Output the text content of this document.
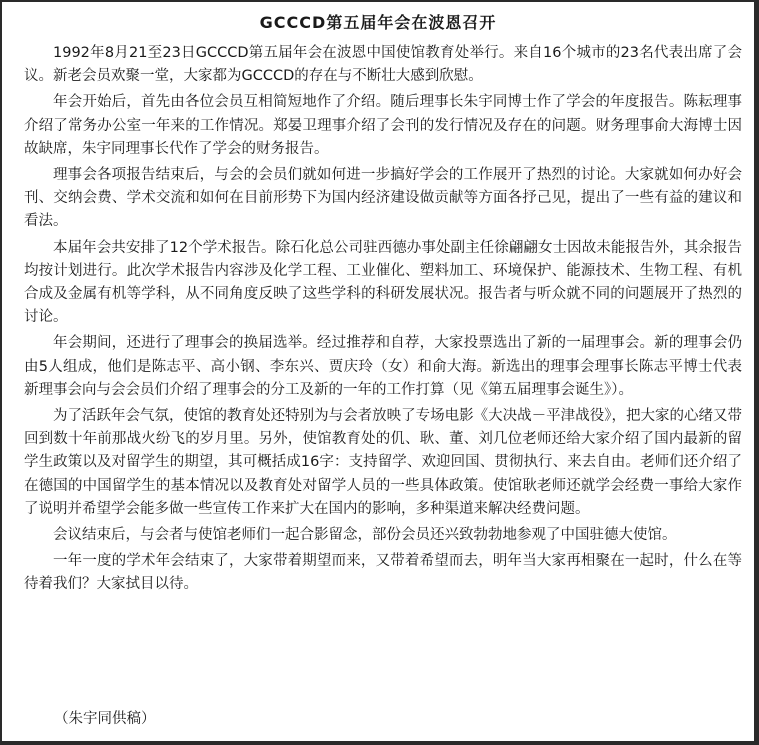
GCCCD第五届年会在波恩召开

1992年8月21至23日GCCCD第五届年会在波恩中国使馆教育处举行。来自16个城市的23名代表出席了会议。新老会员欢聚一堂，大家都为GCCCD的存在与不断壮大感到欣慰。

年会开始后，首先由各位会员互相简短地作了介绍。随后理事长朱宇同博士作了学会的年度报告。陈耘理事介绍了常务办公室一年来的工作情况。郑晏卫理事介绍了会刊的发行情况及存在的问题。财务理事俞大海博士因故缺席，朱宇同理事长代作了学会的财务报告。

理事会各项报告结束后，与会的会员们就如何进一步搞好学会的工作展开了热烈的讨论。大家就如何办好会刊、交纳会费、学术交流和如何在目前形势下为国内经济建设做贡献等方面各抒己见，提出了一些有益的建议和看法。

本届年会共安排了12个学术报告。除石化总公司驻西德办事处副主任徐翩翩女士因故未能报告外，其余报告均按计划进行。此次学术报告内容涉及化学工程、工业催化、塑料加工、环境保护、能源技术、生物工程、有机合成及金属有机等学科，从不同角度反映了这些学科的科研发展状况。报告者与听众就不同的问题展开了热烈的讨论。

年会期间，还进行了理事会的换届选举。经过推荐和自荐，大家投票选出了新的一届理事会。新的理事会仍由5人组成，他们是陈志平、高小钢、李东兴、贾庆玲（女）和俞大海。新选出的理事会理事长陈志平博士代表新理事会向与会会员们介绍了理事会的分工及新的一年的工作打算（见《第五届理事会诞生》）。

为了活跃年会气氛，使馆的教育处还特别为与会者放映了专场电影《大决战－平津战役》，把大家的心绪又带回到数十年前那战火纷飞的岁月里。另外，使馆教育处的仉、耿、董、刘几位老师还给大家介绍了国内最新的留学生政策以及对留学生的期望，其可概括成16字：支持留学、欢迎回国、贯彻执行、来去自由。老师们还介绍了在德国的中国留学生的基本情况以及教育处对留学人员的一些具体政策。使馆耿老师还就学会经费一事给大家作了说明并希望学会能多做一些宣传工作来扩大在国内的影响，多种渠道来解决经费问题。

会议结束后，与会者与使馆老师们一起合影留念，部份会员还兴致勃勃地参观了中国驻德大使馆。

一年一度的学术年会结束了，大家带着期望而来，又带着希望而去，明年当大家再相聚在一起时，什么在等待着我们？大家拭目以待。

（朱宇同供稿）
